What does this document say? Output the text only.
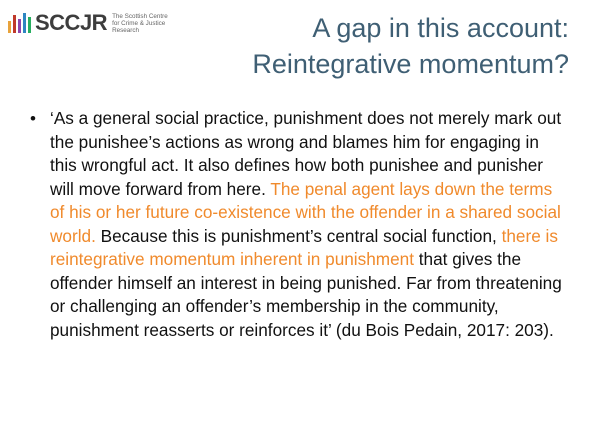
SCCJR The Scottish Centre for Crime & Justice Research	A gap in this account:
Reintegrative momentum?
• ‘As a general social practice, punishment does not merely mark out the punishee’s actions as wrong and blames him for engaging in this wrongful act. It also defines how both punishee and punisher will move forward from here. The penal agent lays down the terms of his or her future co-existence with the offender in a shared social world. Because this is punishment’s central social function, there is reintegrative momentum inherent in punishment that gives the offender himself an interest in being punished. Far from threatening or challenging an offender’s membership in the community, punishment reasserts or reinforces it’ (du Bois Pedain, 2017: 203).
